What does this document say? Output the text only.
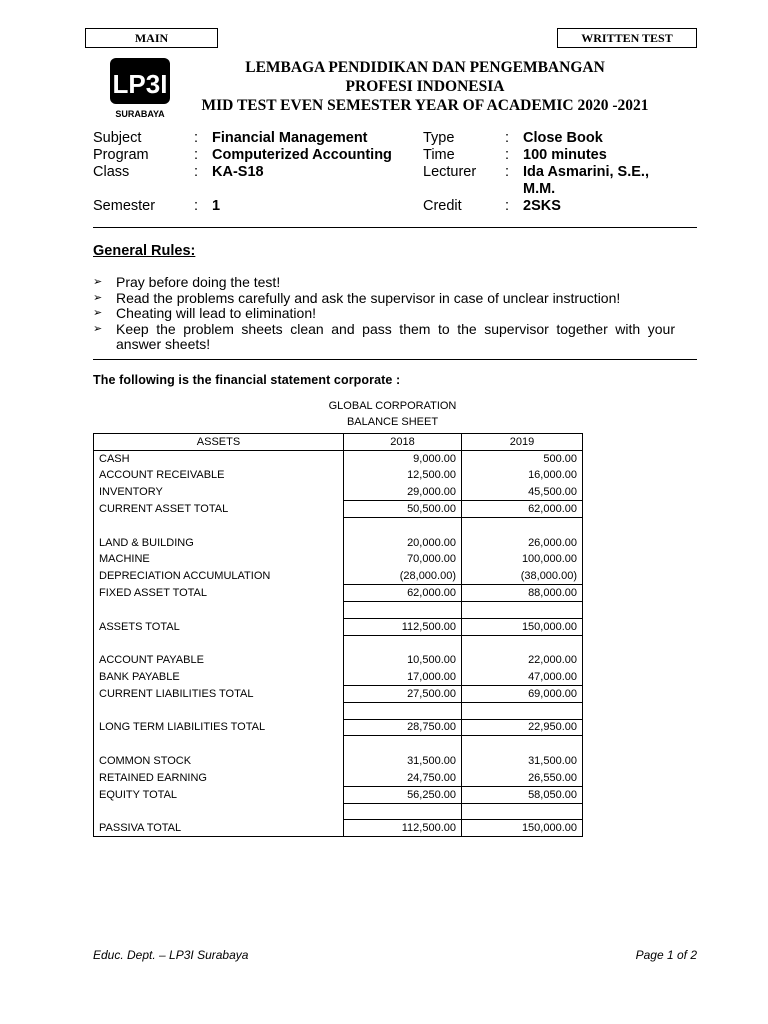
MAIN	WRITTEN TEST
LP3I
SURABAYA
LEMBAGA PENDIDIKAN DAN PENGEMBANGAN
PROFESI INDONESIA
MID TEST EVEN SEMESTER YEAR OF ACADEMIC 2020 -2021
Subject	: Financial Management	Type	: Close Book
Program	: Computerized Accounting Time	: 100 minutes
Class	: KA-S18	Lecturer : Ida Asmarini, S.E.,
M.M.
Semester	: 1	Credit	: 2SKS
General Rules:
➢ Pray before doing the test!
➢ Read the problems carefully and ask the supervisor in case of unclear instruction!
➢ Cheating will lead to elimination!
➢ Keep the problem sheets clean and pass them to the supervisor together with your answer sheets!
The following is the financial statement corporate :
GLOBAL CORPORATION
BALANCE SHEET
ASSETS	2018	2019
CASH	9,000.00	500.00
ACCOUNT RECEIVABLE	12,500.00	16,000.00
INVENTORY	29,000.00	45,500.00
CURRENT ASSET TOTAL	50,500.00	62,000.00

LAND & BUILDING	20,000.00	26,000.00
MACHINE	70,000.00	100,000.00
DEPRECIATION ACCUMULATION	(28,000.00)	(38,000.00)
FIXED ASSET TOTAL	62,000.00	88,000.00

ASSETS TOTAL	112,500.00	150,000.00

ACCOUNT PAYABLE	10,500.00	22,000.00
BANK PAYABLE	17,000.00	47,000.00
CURRENT LIABILITIES TOTAL	27,500.00	69,000.00

LONG TERM LIABILITIES TOTAL	28,750.00	22,950.00

COMMON STOCK	31,500.00	31,500.00
RETAINED EARNING	24,750.00	26,550.00
EQUITY TOTAL	56,250.00	58,050.00

PASSIVA TOTAL	112,500.00	150,000.00
Educ. Dept. – LP3I Surabaya	Page 1 of 2
